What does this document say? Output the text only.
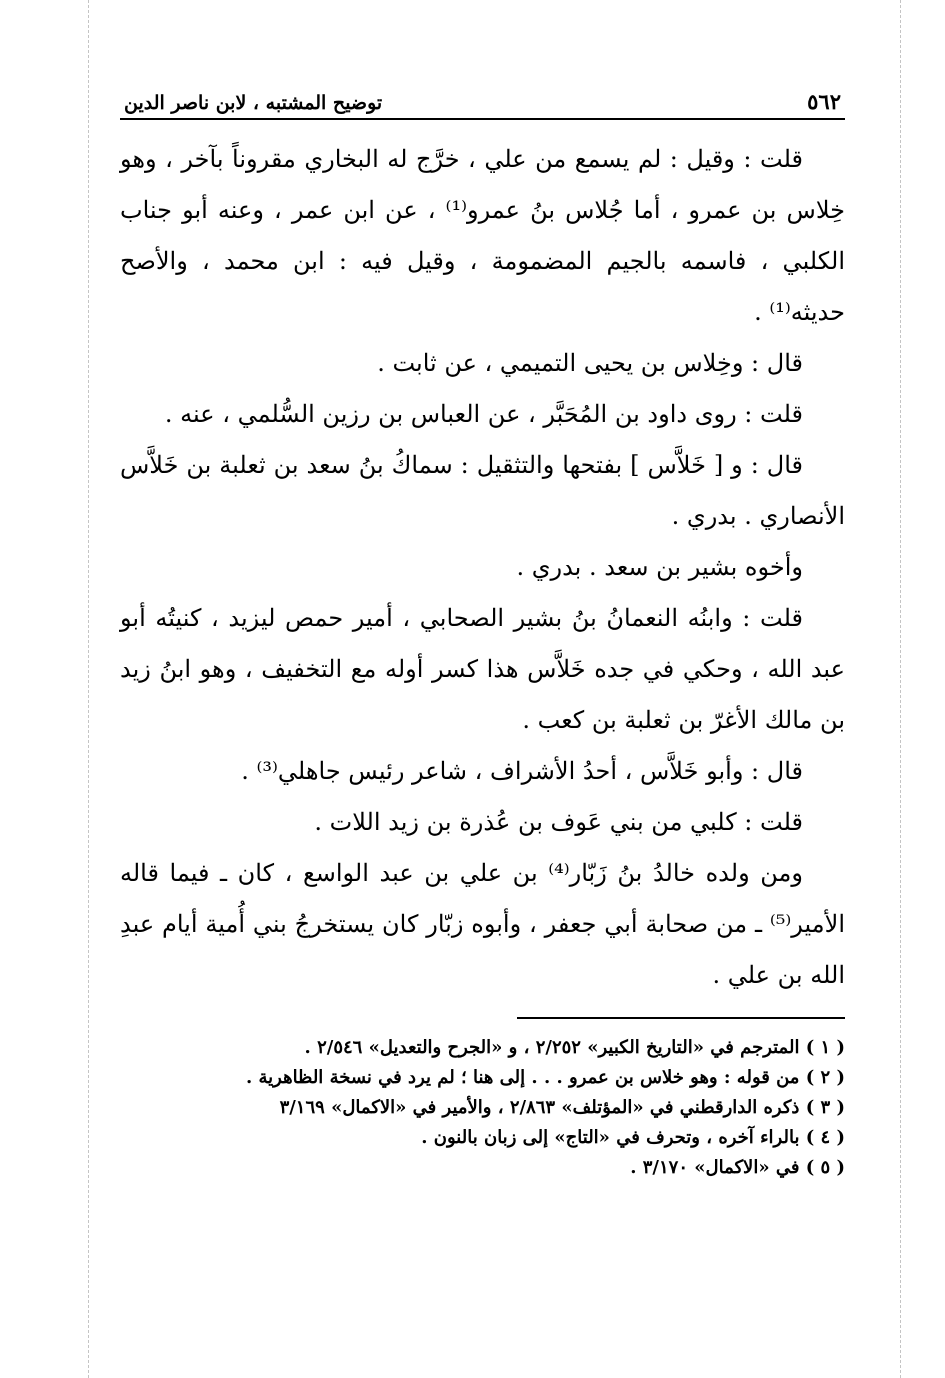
٥٦٢
توضيح المشتبه ، لابن ناصر الدين

قلت : وقيل : لم يسمع من علي ، خرَّج له البخاري مقروناً بآخر ، وهو خِلاس بن عمرو ، أما جُلاس بنُ عمرو⁽¹⁾ ، عن ابن عمر ، وعنه أبو جناب الكلبي ، فاسمه بالجيم المضمومة ، وقيل فيه : ابن محمد ، والأصح حديثه⁽¹⁾ .

قال : وخِلاس بن يحيى التميمي ، عن ثابت .

قلت : روى داود بن المُحَبَّر ، عن العباس بن رزين السُّلمي ، عنه .

قال : و [ خَلاَّس ] بفتحها والتثقيل : سماكُ بنُ سعد بن ثعلبة بن خَلاَّس الأنصاري . بدري .

وأخوه بشير بن سعد . بدري .

قلت : وابنُه النعمانُ بنُ بشير الصحابي ، أمير حمص ليزيد ، كنيتُه أبو عبد الله ، وحكي في جده خَلاَّس هذا كسر أوله مع التخفيف ، وهو ابنُ زيد بن مالك الأغرّ بن ثعلبة بن كعب .

قال : وأبو خَلاَّس ، أحدُ الأشراف ، شاعر رئيس جاهلي⁽³⁾ .

قلت : كلبي من بني عَوف بن عُذرة بن زيد اللات .

ومن ولده خالدُ بنُ زَبّار⁽⁴⁾ بن علي بن عبد الواسع ، كان ـ فيما قاله الأمير⁽⁵⁾ ـ من صحابة أبي جعفر ، وأبوه زبّار كان يستخرجُ بني أُمية أيام عبدِ الله بن علي .

( ١ ) المترجم في «التاريخ الكبير» ٢/٢٥٢ ، و «الجرح والتعديل» ٢/٥٤٦ .

( ٢ ) من قوله : وهو خلاس بن عمرو . . . إلى هنا ؛ لم يرد في نسخة الظاهرية .

( ٣ ) ذكره الدارقطني في «المؤتلف» ٢/٨٦٣ ، والأمير في «الاكمال» ٣/١٦٩

( ٤ ) بالراء آخره ، وتحرف في «التاج» إلى زبان بالنون .

( ٥ ) في «الاكمال» ٣/١٧٠ .
